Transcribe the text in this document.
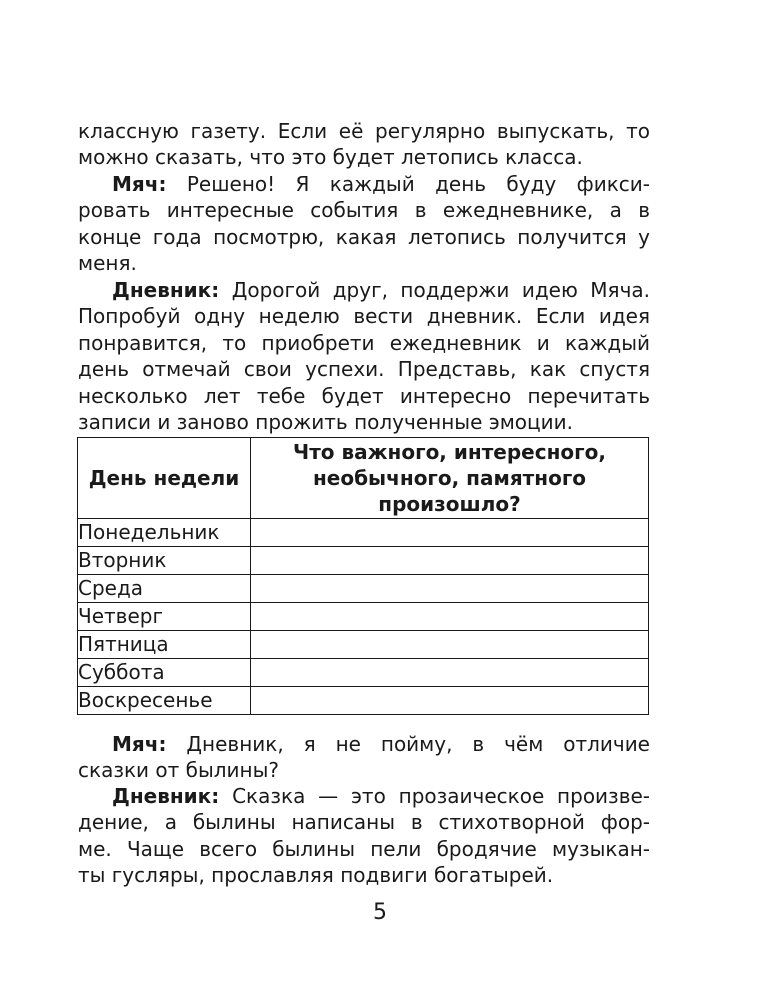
классную газету. Если её регулярно выпускать, то
можно сказать, что это будет летопись класса.
Мяч: Решено! Я каждый день буду фикси-
ровать интересные события в ежедневнике, а в
конце года посмотрю, какая летопись получится у
меня.
Дневник: Дорогой друг, поддержи идею Мяча.
Попробуй одну неделю вести дневник. Если идея
понравится, то приобрети ежедневник и каждый
день отмечай свои успехи. Представь, как спустя
несколько лет тебе будет интересно перечитать
записи и заново прожить полученные эмоции.
День недели	Что важного, интересного,
необычного, памятного
произошло?
Понедельник	
Вторник	
Среда	
Четверг	
Пятница	
Суббота	
Воскресенье	
Мяч: Дневник, я не пойму, в чём отличие
сказки от былины?
Дневник: Сказка — это прозаическое произве-
дение, а былины написаны в стихотворной фор-
ме. Чаще всего былины пели бродячие музыкан-
ты гусляры, прославляя подвиги богатырей.
5
